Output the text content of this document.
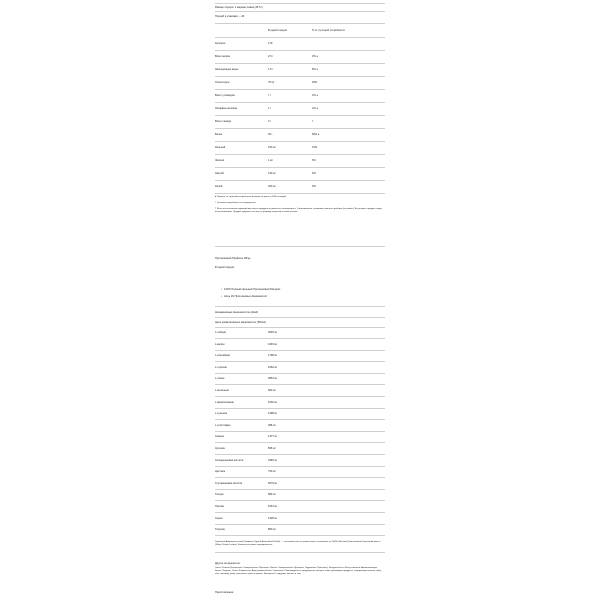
Размер порции: 1 мерная ложка (45.5 г)
Порций в упаковке: ~ 40
В одной порции	% от суточной потребности
Калории	170
Всего жиров	2.5 г	3% ♦
Насыщенные жиры	1.5 г	8% ♦
Холестерин	75 мг	25%
Всего углеводов	7 г	3% ♦
Пищевые волокна	1 г	4% ♦
Всего сахара	3 г	†
Белки	30 г	60% ♦
Кальций	150 мг	15%
Железо	1 мг	6%
Натрий	130 мг	6%
Калий	320 мг	9%
♦ Процент от суточной потребности основан на диете в 2000 калорий.
† Суточная потребность не определена.
† Из-за естественных вариаций местности продукта и разности в отношениях с 1 максимально, позволим отличать проблем (на шейке). Встряхните продукт перед использованием. Продукт продается по весу и размеру открытки в своей основе.
Протеиновый Профиль Whey
В одной порции:
• 100% Полный Цельный Протеиновый Матрикс
• Ноль Из Протеиновых Аминокислот
Незаменимые Аминокислоты (EAA)
Цепи разветвлённых аминокислот (BCAA)
L-лейцин	3026 мг
L-валин	1649 мг
L-изолейцин	1798 мг
L-тирозин	1062 мг
L-лизин	2864 мг
L-метионин	660 мг
L-фенилаланин	1002 мг
L-треонин	1398 мг
L-триптофан	486 мг
Аланин	1477 мг
Аргинин	836 мг
Аспарагиновая кислота	3346 мг
Цистеин	750 мг
Глутаминовая кислота	5079 мг
Глицин	583 мг
Пролин	1643 мг
Серин	1328 мг
Тирозин	860 мг
Типичный Аминокислотный Профиль (Typical Amino Acid Profile) — это количество на грамм белка, основанное на 20(30) Весовой Протеиновой Эталонной массы (Whey Protein Isolate). Количество может варьироваться.
Другие ингредиенты:
Смесь Protein (Концентрат Сывороточного Протеина, Изолят Сывороточного Протеина, Гидролизат Протеина), Натуральные и Искусственные Ароматизаторы, Какао, Лецитин, Смесь Ферментов, Ацесульфам Калия, Сукралоза. Произведено на предприятии, которое также производит продукты, содержащие молоко, яйца, сою, пшеницу, рыбу, моллюски, орехи и арахис. Аллергены: содержит молоко и сою.
Приготовление:
